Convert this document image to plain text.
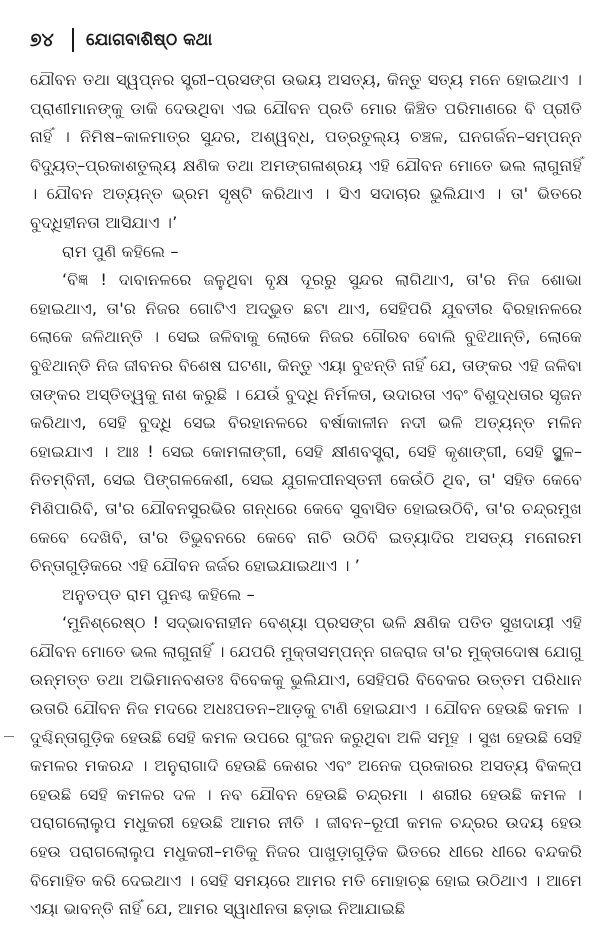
୭୪	ଯୋଗବାଶିଷ୍ଠ କଥା

ଯୌବନ ତଥା ସ୍ୱପ୍ନର ସ୍ତ୍ରୀ–ପ୍ରସଙ୍ଗ ଉଭୟ ଅସତ୍ୟ, କିନ୍ତୁ ସତ୍ୟ ମନେ ହୋଇଥାଏ । ପ୍ରାଣୀମାନଙ୍କୁ ଡାକି ଦେଉଥିବା ଏଇ ଯୌବନ ପ୍ରତି ମୋର କିଞ୍ଚିତ ପରିମାଣରେ ବି ପ୍ରୀତି ନାହିଁ । ନିମିଷ–କାଳମାତ୍ର ସୁନ୍ଦର, ଅଶ୍ୱବ୍ଧ, ପତ୍ରତୁଲ୍ୟ ଚଞ୍ଚଳ, ଘନଗର୍ଜନ–ସମ୍ପନ୍ନ ବିଦ୍ୟୁତ୍–ପ୍ରକାଶତୁଲ୍ୟ କ୍ଷଣିକ ତଥା ଅମଙ୍ଗଳାଶ୍ରୟ ଏହି ଯୌବନ ମୋତେ ଭଲ ଲାଗୁନାହିଁ । ଯୌବନ ଅତ୍ୟନ୍ତ ଭ୍ରମ ସୃଷ୍ଟି କରିଥାଏ । ସିଏ ସଦାଚାର ଭୁଲିଯାଏ । ତା' ଭିତରେ ବୁଦ୍ଧିହୀନତା ଆସିଯାଏ ।’

ରାମ ପୁଣି କହିଲେ –

‘ବିଜ୍ଞ ! ଦାବାନଳରେ ଜଳୁଥିବା ବୃକ୍ଷ ଦୂରରୁ ସୁନ୍ଦର ଲାଗିଥାଏ, ତା'ର ନିଜ ଶୋଭା ହୋଇଥାଏ, ତା'ର ନିଜର ଗୋଟିଏ ଅଦ୍ଭୁତ ଛଟା ଥାଏ, ସେହିପରି ଯୁବତୀର ବିରହାନଳରେ ଲୋକେ ଜଳିଥାନ୍ତି । ସେଇ ଜଳିବାକୁ ଲୋକେ ନିଜର ଗୌରବ ବୋଲି ବୁଝିଥାନ୍ତି, ଲୋକେ ବୁଝିଥାନ୍ତି ନିଜ ଜୀବନର ବିଶେଷ ଘଟଣା, କିନ୍ତୁ ଏୟା ବୁଝନ୍ତି ନାହିଁ ଯେ, ତାଙ୍କର ଏହି ଜଳିବା ତାଙ୍କର ଅସ୍ତିତ୍ୱକୁ ନାଶ କରୁଛି । ଯେଉଁ ବୁଦ୍ଧି ନିର୍ମଳତା, ଉଦାରତା ଏବଂ ବିଶୁଦ୍ଧତାର ସୃଜନ କରିଥାଏ, ସେହି ବୁଦ୍ଧି ସେଇ ବିରହାନଳରେ ବର୍ଷାକାଳୀନ ନଦୀ ଭଳି ଅତ୍ୟନ୍ତ ମଳିନ ହୋଇଯାଏ । ଆଃ ! ସେଇ କୋମଳାଙ୍ଗୀ, ସେହି କ୍ଷୀଣବସ୍ତ୍ରା, ସେହି କୃଶାଙ୍ଗୀ, ସେହି ସ୍ଥୁଳ–ନିତମ୍ବିନୀ, ସେଇ ପିଙ୍ଗଳକେଶୀ, ସେଇ ଯୁଗଳପୀନସ୍ତନୀ କେଉଁଠି ଥିବ, ତା' ସହିତ କେବେ ମିଶିପାରିବି, ତା'ର ଯୌବନସୁରଭିର ଗନ୍ଧରେ କେବେ ସୁବାସିତ ହୋଇଉଠିବି, ତା'ର ଚନ୍ଦ୍ରମୁଖ କେବେ ଦେଖିବି, ତା'ର ତିଭୁବନରେ କେବେ ନାଚି ଉଠିବି ଇତ୍ୟାଦିର ଅସତ୍ୟ ମନୋରମ ଚିନ୍ତାଗୁଡ଼ିକରେ ଏହି ଯୌବନ ଜର୍ଜର ହୋଇଯାଇଥାଏ । ’

ଅନୁତପ୍ତ ରାମ ପୁନଶ୍ଚ କହିଲେ –

‘ମୁନିଶ୍ରେଷ୍ଠ ! ସଦ୍ଭାବନାହୀନ ବେଶ୍ୟା ପ୍ରସଙ୍ଗ ଭଳି କ୍ଷଣିକ ପତିତ ସୁଖଦାୟୀ ଏହି ଯୌବନ ମୋତେ ଭଲ ଲାଗୁନାହିଁ । ଯେପରି ମୁକ୍ତାସମ୍ପନ୍ନ ଗଜରାଜ ତା'ର ମୁକ୍ତାଦୋଷ ଯୋଗୁ ଉନ୍ମତ୍ତ ତଥା ଅଭିମାନବଶତଃ ବିବେକକୁ ଭୁଲିଯାଏ, ସେହିପରି ବିବେକର ଉତ୍ତମ ପରିଧାନ ଉତାରି ଯୌବନ ନିଜ ମଦରେ ଅଧଃପତନ–ଆଡ଼କୁ ଟାଣି ହୋଇଯାଏ । ଯୌବନ ହେଉଛି କମଳ । ଦୁଶ୍ଚିନ୍ତାଗୁଡ଼ିକ ହେଉଛି ସେହି କମଳ ଉପରେ ଗୁଂଜନ କରୁଥିବା ଅଳି ସମୂହ । ସୁଖ ହେଉଛି ସେହି କମଳର ମକରନ୍ଦ । ଅନୁରାଗାଦି ହେଉଛି କେଶର ଏବଂ ଅନେକ ପ୍ରକାରର ଅସତ୍ୟ ବିକଳ୍ପ ହେଉଛି ସେହି କମଳର ଦଳ । ନବ ଯୌବନ ହେଉଛି ଚନ୍ଦ୍ରମା । ଶରୀର ହେଉଛି କମଳ । ପରାଗଲୋଲୁପ ମଧୁକରୀ ହେଉଛି ଆମର ନୀତି । ଜୀବନ–ରୂପୀ କମଳ ଚନ୍ଦ୍ରର ଉଦୟ ହେଉ ହେଉ ପରାଗଲୋଲୁପ ମଧୁକରୀ–ମତିକୁ ନିଜର ପାଖୁଡ଼ାଗୁଡ଼ିକ ଭିତରେ ଧୀରେ ଧୀରେ ବନ୍ଦକରି ବିମୋହିତ କରି ଦେଇଥାଏ । ସେହି ସମୟରେ ଆମର ମତି ମୋହାଚ୍ଛ ହୋଇ ଉଠିଥାଏ । ଆମେ ଏୟା ଭାବନ୍ତି ନାହିଁ ଯେ, ଆମର ସ୍ୱାଧୀନତା ଛଡ଼ାଇ ନିଆଯାଇଛି
